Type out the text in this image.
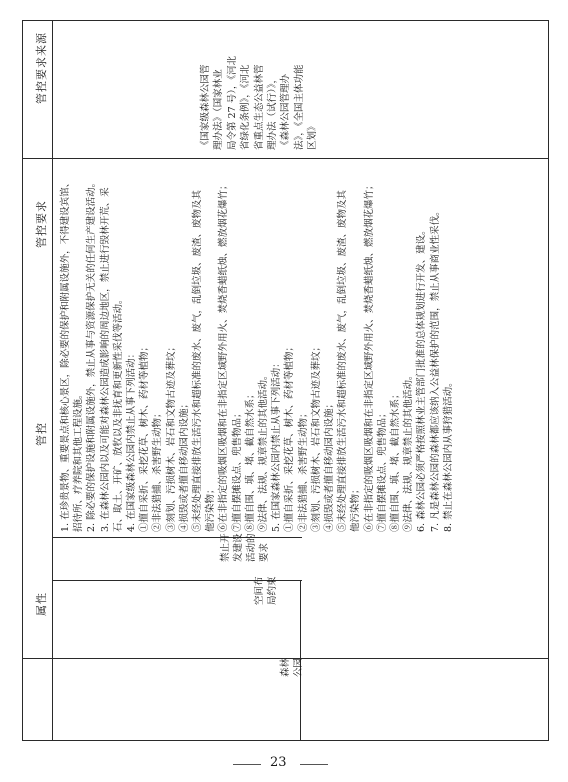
属性
管控
管控要求
管控要求来源
森林 公园
空间布 局约束
禁止开 发建设 活动的 要求
1. 在珍贵景物、重要景点和核心景区，除必要的保护和附属设施外，不得建设宾馆、 招待所、疗养院和其他工程设施。 2. 除必要的保护设施和附属设施外，禁止从事与资源保护无关的任何生产建设活动。 3. 在森林公园内以及可能对森林公园造成影响的周边地区，禁止进行毁林开荒、采 石、取土、开矿、放牧以及非抚育和更新性采伐等活动。 4. 在国家级森林公园内禁止从事下列活动： ①擅自采折、采挖花草、树木、药材等植物； ②非法猎捕、杀害野生动物； ③刻划、污损树木、岩石和文物古迹及葬坟； ④损毁或者擅自移动园内设施； ⑤未经处理直接排放生活污水和超标准的废水、废气，乱倒垃圾、废渣、废物及其 他污染物； ⑥在非指定的吸烟区吸烟和在非指定区域野外用火、焚烧香蜡纸烛、燃放烟花爆竹； ⑦擅自摆摊设点、兜售物品； ⑧擅自围、填、堵、截自然水系； ⑨法律、法规、规章禁止的其他活动。 5. 在国家森林公园内禁止从事下列活动： ①擅自采折、采挖花草、树木、药材等植物； ②非法猎捕、杀害野生动物； ③刻划、污损树木、岩石和文物古迹及葬坟； ④损毁或者擅自移动园内设施； ⑤未经处理直接排放生活污水和超标准的废水、废气，乱倒垃圾、废渣、废物及其 他污染物； ⑥在非指定的吸烟区吸烟和在非指定区域野外用火、焚烧香蜡纸烛、燃放烟花爆竹； ⑦擅自摆摊设点、兜售物品； ⑧擅自围、填、堵、截自然水系； ⑨法律、法规、规章禁止的其他活动。 6. 森林公园必须严格按照林业主管部门批准的总体规划进行开发、建设。 7. 凡是森林公园的森林都应该纳入公益林保护的范围，禁止从事商业性采伐。 8. 禁止在森林公园内从事狩猎活动。
《国家级森林公园管 理办法》（国家林业 局令第 27 号），《河北 省绿化条例》，《河北 省重点生态公益林管 理办法（试行）》， 《森林公园管理办 法》，《全国主体功能 区划》
23
